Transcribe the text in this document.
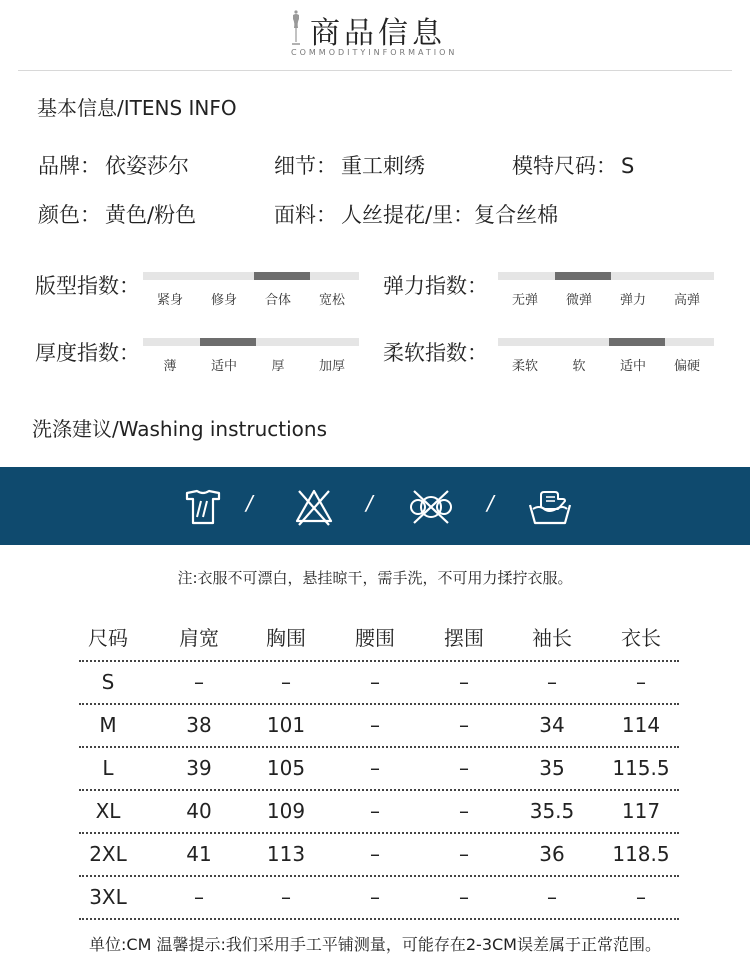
商品信息
COMMODITYINFORMATION
基本信息/ITENS INFO
品牌： 依姿莎尔	细节： 重工刺绣	模特尺码： S
颜色： 黄色/粉色	面料： 人丝提花/里：复合丝棉
版型指数：
紧身	修身	合体	宽松
弹力指数：
无弹	微弹	弹力	高弹
厚度指数：
薄	适中	厚	加厚
柔软指数：
柔软	软	适中	偏硬
洗涤建议/Washing instructions
/	/	/
注:衣服不可漂白，悬挂晾干，需手洗，不可用力揉拧衣服。
尺码	肩宽	胸围	腰围	摆围	袖长	衣长
S	–	–	–	–	–	–
M	38	101	–	–	34	114
L	39	105	–	–	35	115.5
XL	40	109	–	–	35.5	117
2XL	41	113	–	–	36	118.5
3XL	–	–	–	–	–	–
单位:CM 温馨提示:我们采用手工平铺测量，可能存在2-3CM误差属于正常范围。
